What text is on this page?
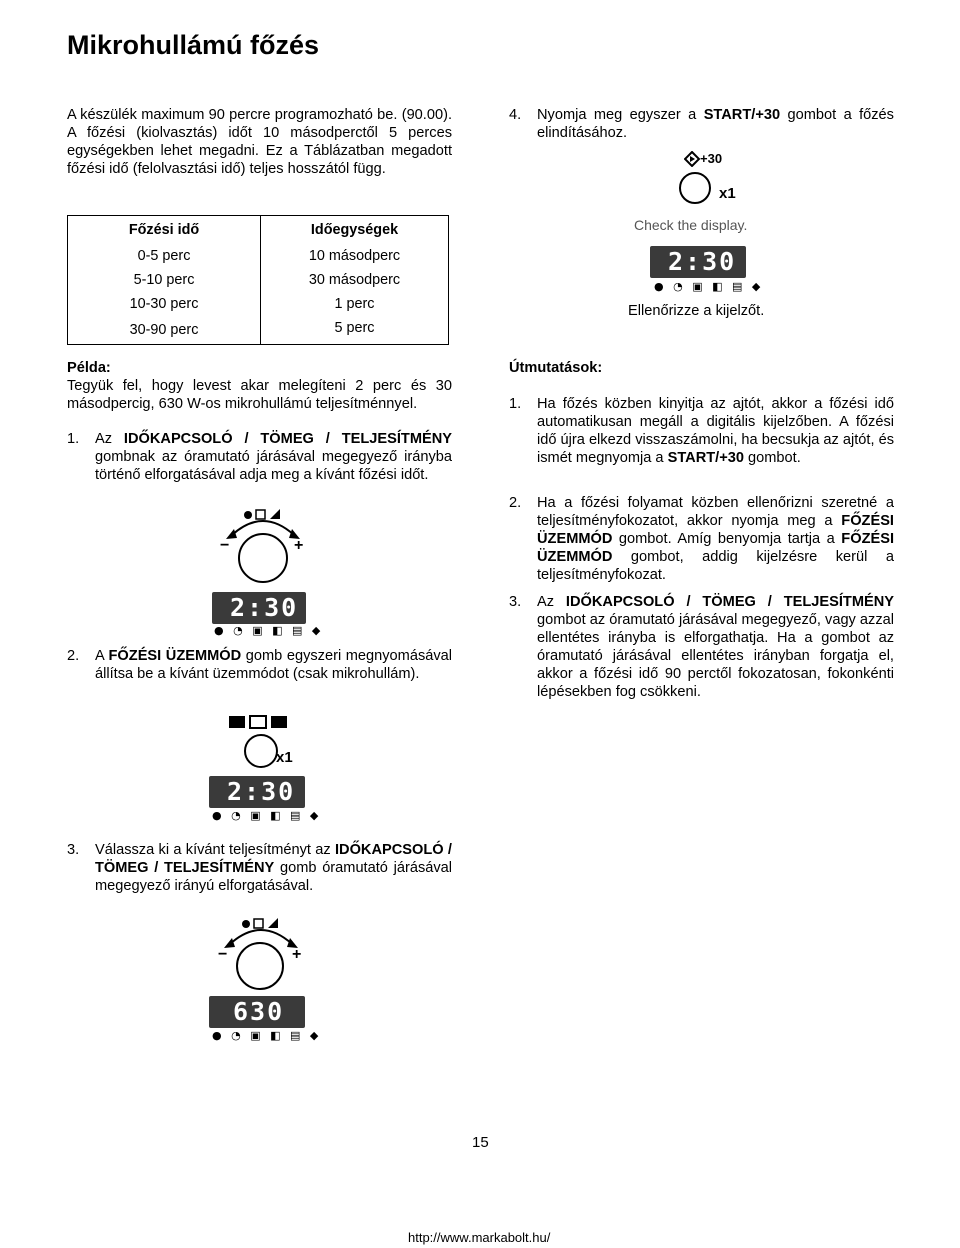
Mikrohullámú főzés
A készülék maximum 90 percre programozható be. (90.00). A főzési (kiolvasztás) időt 10 másodperctől 5 perces egységekben lehet megadni. Ez a Táblázatban megadott főzési idő (felolvasztási idő) teljes hosszától függ.
Főzési idő	Időegységek
0-5 perc	10 másodperc
5-10 perc	30 másodperc
10-30 perc	1 perc
30-90 perc	5 perc
Példa:
Tegyük fel, hogy levest akar melegíteni 2 perc és 30 másodpercig, 630 W-os mikrohullámú teljesítménnyel.
1. Az IDŐKAPCSOLÓ / TÖMEG / TELJESÍTMÉNY gombnak az óramutató járásával megegyező irányba történő elforgatásával adja meg a kívánt főzési időt.
−	+
2:30
● ◔ ▣ ◧ ▤ ◆
2. A FŐZÉSI ÜZEMMÓD gomb egyszeri megnyomásával állítsa be a kívánt üzemmódot (csak mikrohullám).
x1
2:30
● ◔ ▣ ◧ ▤ ◆
3. Válassza ki a kívánt teljesítményt az IDŐKAPCSOLÓ / TÖMEG / TELJESÍTMÉNY gomb óramutató járásával megegyező irányú elforgatásával.
−	+
630
● ◔ ▣ ◧ ▤ ◆
4. Nyomja meg egyszer a START/+30 gombot a főzés elindításához.
+30
x1
Check the display.
2:30
● ◔ ▣ ◧ ▤ ◆
Ellenőrizze a kijelzőt.
Útmutatások:
1. Ha főzés közben kinyitja az ajtót, akkor a főzési idő automatikusan megáll a digitális kijelzőben. A főzési idő újra elkezd visszaszámolni, ha becsukja az ajtót, és ismét megnyomja a START/+30 gombot.
2. Ha a főzési folyamat közben ellenőrizni szeretné a teljesítményfokozatot, akkor nyomja meg a FŐZÉSI ÜZEMMÓD gombot. Amíg benyomja tartja a FŐZÉSI ÜZEMMÓD gombot, addig kijelzésre kerül a teljesítményfokozat.
3. Az IDŐKAPCSOLÓ / TÖMEG / TELJESÍTMÉNY gombot az óramutató járásával megegyező, vagy azzal ellentétes irányba is elforgathatja. Ha a gombot az óramutató járásával ellentétes irányban forgatja el, akkor a főzési idő 90 perctől fokozatosan, fokonkénti lépésekben fog csökkeni.
15
http://www.markabolt.hu/
